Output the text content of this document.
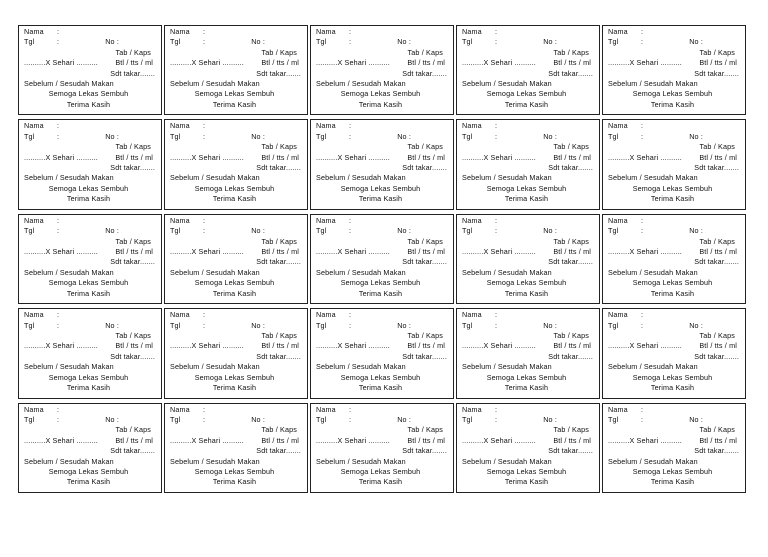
Nama :
Tgl	:	No :
Tab / Kaps
..........X Sehari .......... Btl / tts / ml
Sdt takar.......
Sebelum / Sesudah Makan
Semoga Lekas Sembuh
Terima Kasih
Nama :
Tgl	:	No :
Tab / Kaps
..........X Sehari .......... Btl / tts / ml
Sdt takar.......
Sebelum / Sesudah Makan
Semoga Lekas Sembuh
Terima Kasih
Nama :
Tgl	:	No :
Tab / Kaps
..........X Sehari .......... Btl / tts / ml
Sdt takar.......
Sebelum / Sesudah Makan
Semoga Lekas Sembuh
Terima Kasih
Nama :
Tgl	:	No :
Tab / Kaps
..........X Sehari .......... Btl / tts / ml
Sdt takar.......
Sebelum / Sesudah Makan
Semoga Lekas Sembuh
Terima Kasih
Nama :
Tgl	:	No :
Tab / Kaps
..........X Sehari .......... Btl / tts / ml
Sdt takar.......
Sebelum / Sesudah Makan
Semoga Lekas Sembuh
Terima Kasih
Nama :
Tgl	:	No :
Tab / Kaps
..........X Sehari .......... Btl / tts / ml
Sdt takar.......
Sebelum / Sesudah Makan
Semoga Lekas Sembuh
Terima Kasih
Nama :
Tgl	:	No :
Tab / Kaps
..........X Sehari .......... Btl / tts / ml
Sdt takar.......
Sebelum / Sesudah Makan
Semoga Lekas Sembuh
Terima Kasih
Nama :
Tgl	:	No :
Tab / Kaps
..........X Sehari .......... Btl / tts / ml
Sdt takar.......
Sebelum / Sesudah Makan
Semoga Lekas Sembuh
Terima Kasih
Nama :
Tgl	:	No :
Tab / Kaps
..........X Sehari .......... Btl / tts / ml
Sdt takar.......
Sebelum / Sesudah Makan
Semoga Lekas Sembuh
Terima Kasih
Nama :
Tgl	:	No :
Tab / Kaps
..........X Sehari .......... Btl / tts / ml
Sdt takar.......
Sebelum / Sesudah Makan
Semoga Lekas Sembuh
Terima Kasih
Nama :
Tgl	:	No :
Tab / Kaps
..........X Sehari .......... Btl / tts / ml
Sdt takar.......
Sebelum / Sesudah Makan
Semoga Lekas Sembuh
Terima Kasih
Nama :
Tgl	:	No :
Tab / Kaps
..........X Sehari .......... Btl / tts / ml
Sdt takar.......
Sebelum / Sesudah Makan
Semoga Lekas Sembuh
Terima Kasih
Nama :
Tgl	:	No :
Tab / Kaps
..........X Sehari .......... Btl / tts / ml
Sdt takar.......
Sebelum / Sesudah Makan
Semoga Lekas Sembuh
Terima Kasih
Nama :
Tgl	:	No :
Tab / Kaps
..........X Sehari .......... Btl / tts / ml
Sdt takar.......
Sebelum / Sesudah Makan
Semoga Lekas Sembuh
Terima Kasih
Nama :
Tgl	:	No :
Tab / Kaps
..........X Sehari .......... Btl / tts / ml
Sdt takar.......
Sebelum / Sesudah Makan
Semoga Lekas Sembuh
Terima Kasih
Nama :
Tgl	:	No :
Tab / Kaps
..........X Sehari .......... Btl / tts / ml
Sdt takar.......
Sebelum / Sesudah Makan
Semoga Lekas Sembuh
Terima Kasih
Nama :
Tgl	:	No :
Tab / Kaps
..........X Sehari .......... Btl / tts / ml
Sdt takar.......
Sebelum / Sesudah Makan
Semoga Lekas Sembuh
Terima Kasih
Nama :
Tgl	:	No :
Tab / Kaps
..........X Sehari .......... Btl / tts / ml
Sdt takar.......
Sebelum / Sesudah Makan
Semoga Lekas Sembuh
Terima Kasih
Nama :
Tgl	:	No :
Tab / Kaps
..........X Sehari .......... Btl / tts / ml
Sdt takar.......
Sebelum / Sesudah Makan
Semoga Lekas Sembuh
Terima Kasih
Nama :
Tgl	:	No :
Tab / Kaps
..........X Sehari .......... Btl / tts / ml
Sdt takar.......
Sebelum / Sesudah Makan
Semoga Lekas Sembuh
Terima Kasih
Nama :
Tgl	:	No :
Tab / Kaps
..........X Sehari .......... Btl / tts / ml
Sdt takar.......
Sebelum / Sesudah Makan
Semoga Lekas Sembuh
Terima Kasih
Nama :
Tgl	:	No :
Tab / Kaps
..........X Sehari .......... Btl / tts / ml
Sdt takar.......
Sebelum / Sesudah Makan
Semoga Lekas Sembuh
Terima Kasih
Nama :
Tgl	:	No :
Tab / Kaps
..........X Sehari .......... Btl / tts / ml
Sdt takar.......
Sebelum / Sesudah Makan
Semoga Lekas Sembuh
Terima Kasih
Nama :
Tgl	:	No :
Tab / Kaps
..........X Sehari .......... Btl / tts / ml
Sdt takar.......
Sebelum / Sesudah Makan
Semoga Lekas Sembuh
Terima Kasih
Nama :
Tgl	:	No :
Tab / Kaps
..........X Sehari .......... Btl / tts / ml
Sdt takar.......
Sebelum / Sesudah Makan
Semoga Lekas Sembuh
Terima Kasih
